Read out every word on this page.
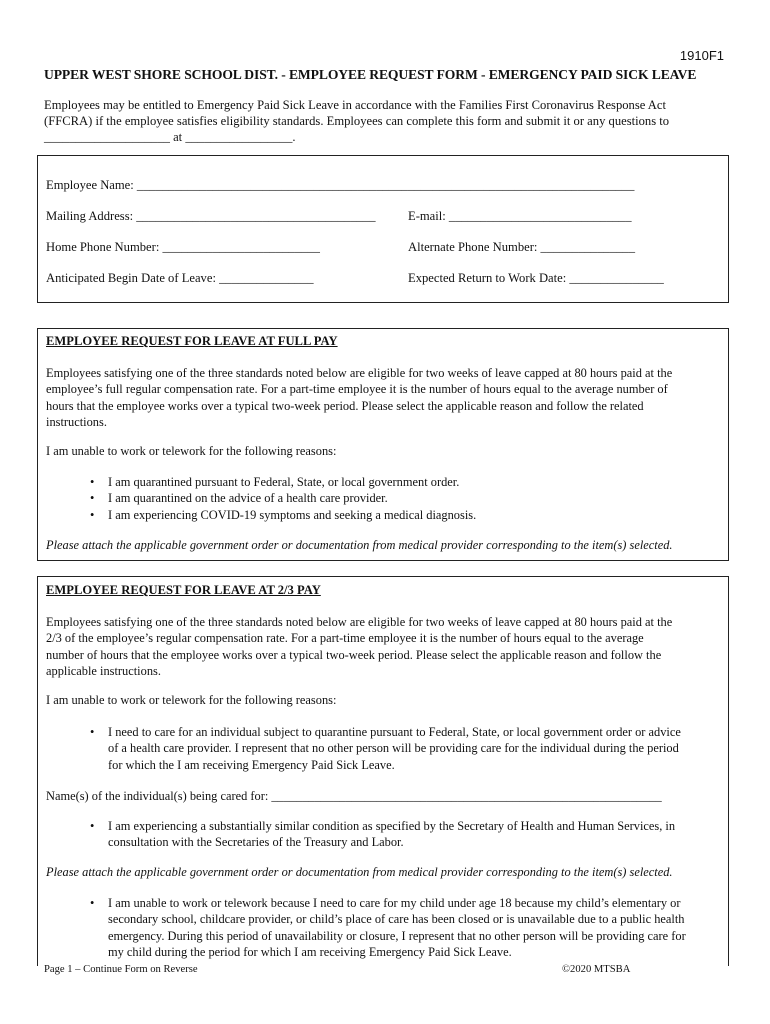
1910F1
UPPER WEST SHORE SCHOOL DIST. - EMPLOYEE REQUEST FORM - EMERGENCY PAID SICK LEAVE
Employees may be entitled to Emergency Paid Sick Leave in accordance with the Families First Coronavirus Response Act
(FFCRA) if the employee satisfies eligibility standards. Employees can complete this form and submit it or any questions to
____________________ at _________________.
Employee Name: _______________________________________________________________________________
Mailing Address: ______________________________________	E-mail: _____________________________
Home Phone Number: _________________________	Alternate Phone Number: _______________
Anticipated Begin Date of Leave: _______________	Expected Return to Work Date: _______________
EMPLOYEE REQUEST FOR LEAVE AT FULL PAY
Employees satisfying one of the three standards noted below are eligible for two weeks of leave capped at 80 hours paid at the
employee’s full regular compensation rate. For a part-time employee it is the number of hours equal to the average number of
hours that the employee works over a typical two-week period. Please select the applicable reason and follow the related
instructions.
I am unable to work or telework for the following reasons:
• I am quarantined pursuant to Federal, State, or local government order.
• I am quarantined on the advice of a health care provider.
• I am experiencing COVID-19 symptoms and seeking a medical diagnosis.
Please attach the applicable government order or documentation from medical provider corresponding to the item(s) selected.
EMPLOYEE REQUEST FOR LEAVE AT 2/3 PAY
Employees satisfying one of the three standards noted below are eligible for two weeks of leave capped at 80 hours paid at the
2/3 of the employee’s regular compensation rate. For a part-time employee it is the number of hours equal to the average
number of hours that the employee works over a typical two-week period. Please select the applicable reason and follow the
applicable instructions.
I am unable to work or telework for the following reasons:
• I need to care for an individual subject to quarantine pursuant to Federal, State, or local government order or advice
of a health care provider. I represent that no other person will be providing care for the individual during the period
for which the I am receiving Emergency Paid Sick Leave.
Name(s) of the individual(s) being cared for: _______________________________________________________________
• I am experiencing a substantially similar condition as specified by the Secretary of Health and Human Services, in
consultation with the Secretaries of the Treasury and Labor.
Please attach the applicable government order or documentation from medical provider corresponding to the item(s) selected.
• I am unable to work or telework because I need to care for my child under age 18 because my child’s elementary or
secondary school, childcare provider, or child’s place of care has been closed or is unavailable due to a public health
emergency. During this period of unavailability or closure, I represent that no other person will be providing care for
my child during the period for which I am receiving Emergency Paid Sick Leave.
Page 1 – Continue Form on Reverse	©2020 MTSBA
